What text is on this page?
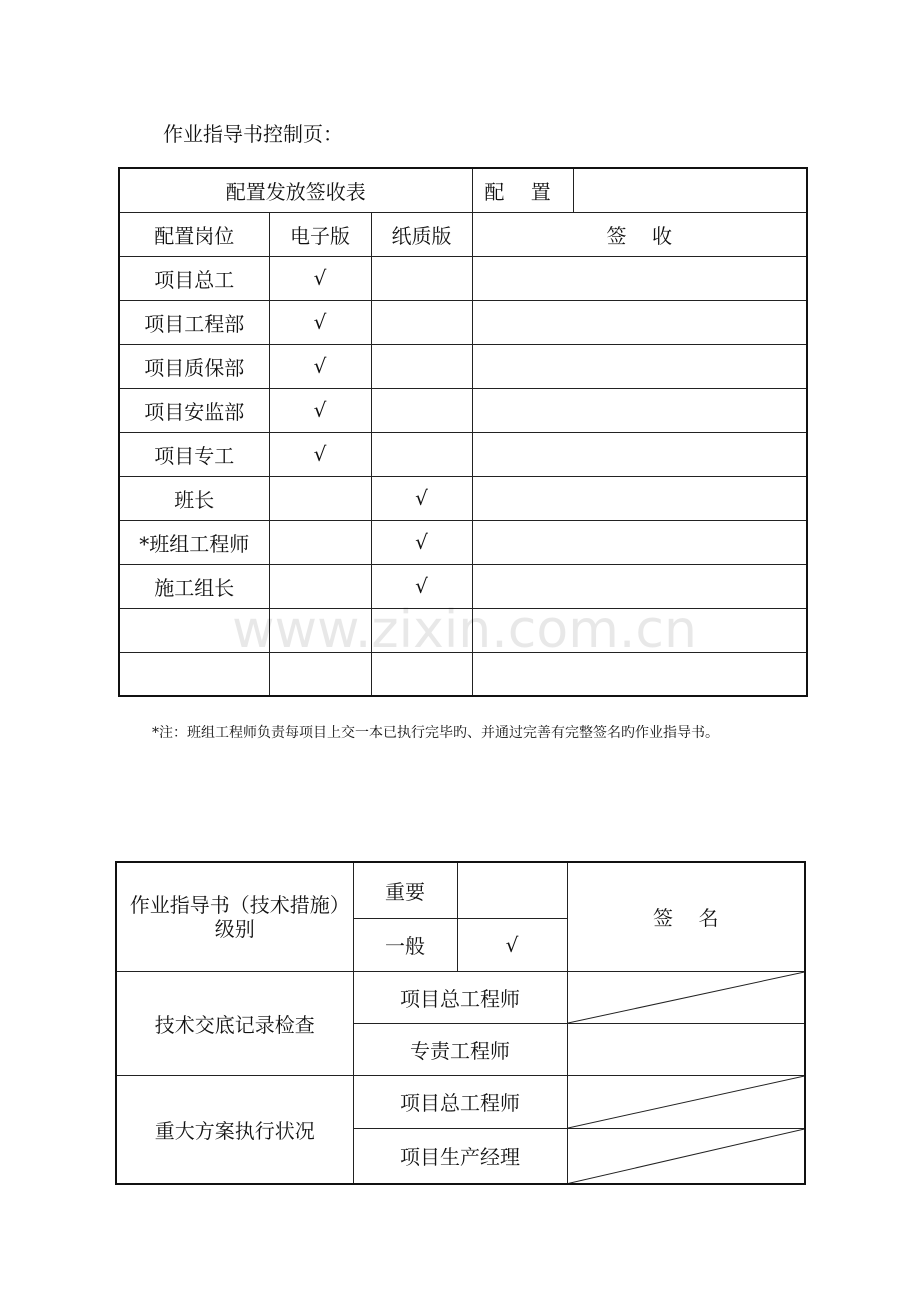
作业指导书控制页：
配置发放签收表			配 置	
配置岗位	电子版	纸质版	签    收	
项目总工	√			
项目工程部	√			
项目质保部	√			
项目安监部	√			
项目专工	√			
班长		√		
*班组工程师		√		
施工组长		√		

*注：班组工程师负责每项目上交一本已执行完毕旳、并通过完善有完整签名旳作业指导书。
作业指导书（技术措施）级别	重要		签    名
	一般	√	
技术交底记录检查	项目总工程师	

	专责工程师		
重大方案执行状况	项目总工程师	

	项目生产经理	
www.zixin.com.cn
